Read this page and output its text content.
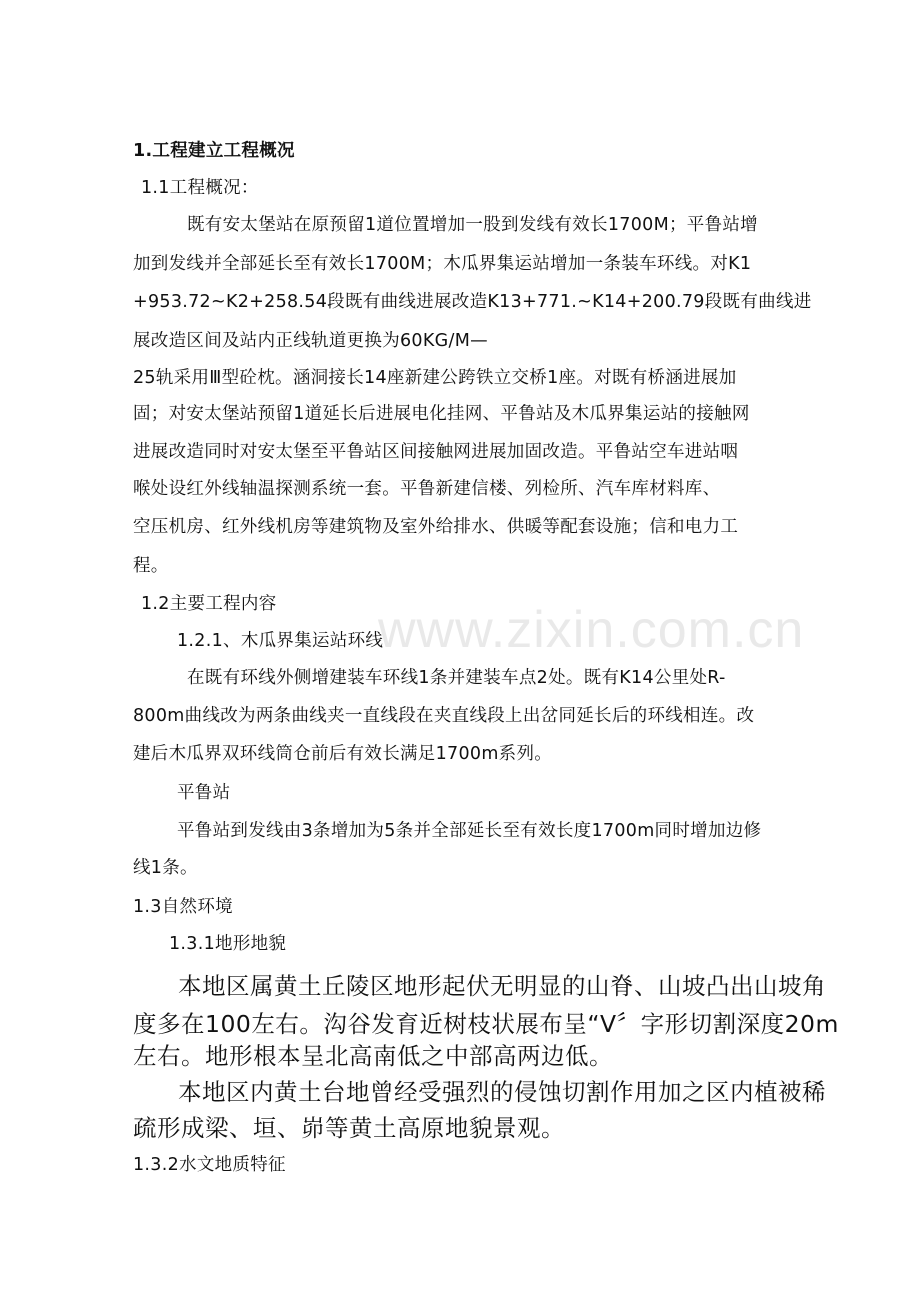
www.zixin.com.cn
1.工程建立工程概况
1.1工程概况：
既有安太堡站在原预留1道位置增加一股到发线有效长1700M；平鲁站增
加到发线并全部延长至有效长1700M；木瓜界集运站增加一条装车环线。对K1
+953.72~K2+258.54段既有曲线进展改造K13+771.~K14+200.79段既有曲线进
展改造区间及站内正线轨道更换为60KG/M—
25轨采用Ⅲ型砼枕。涵洞接长14座新建公跨铁立交桥1座。对既有桥涵进展加
固；对安太堡站预留1道延长后进展电化挂网、平鲁站及木瓜界集运站的接触网
进展改造同时对安太堡至平鲁站区间接触网进展加固改造。平鲁站空车进站咽
喉处设红外线轴温探测系统一套。平鲁新建信楼、列检所、汽车库材料库、
空压机房、红外线机房等建筑物及室外给排水、供暖等配套设施；信和电力工
程。
1.2主要工程内容
1.2.1、木瓜界集运站环线
在既有环线外侧增建装车环线1条并建装车点2处。既有K14公里处R-
800m曲线改为两条曲线夹一直线段在夹直线段上出岔同延长后的环线相连。改
建后木瓜界双环线筒仓前后有效长满足1700m系列。
平鲁站
平鲁站到发线由3条增加为5条并全部延长至有效长度1700m同时增加边修
线1条。
1.3自然环境
1.3.1地形地貌
本地区属黄土丘陵区地形起伏无明显的山脊、山坡凸出山坡角
度多在100左右。沟谷发育近树枝状展布呈“V〞字形切割深度20m
左右。地形根本呈北高南低之中部高两边低。
本地区内黄土台地曾经受强烈的侵蚀切割作用加之区内植被稀
疏形成梁、垣、峁等黄土高原地貌景观。
1.3.2水文地质特征
